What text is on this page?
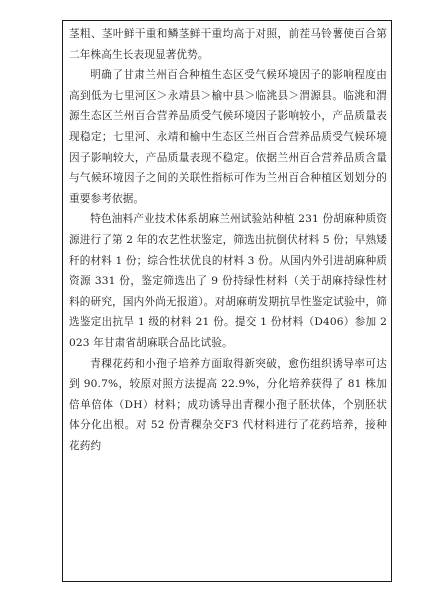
茎粗、茎叶鲜干重和鳞茎鲜干重均高于对照，前茬马铃薯使百合第二年株高生长表现显著优势。

明确了甘肃兰州百合种植生态区受气候环境因子的影响程度由高到低为七里河区＞永靖县＞榆中县＞临洮县＞渭源县。临洮和渭源生态区兰州百合营养品质受气候环境因子影响较小，产品质量表现稳定；七里河、永靖和榆中生态区兰州百合营养品质受气候环境因子影响较大，产品质量表现不稳定。依据兰州百合营养品质含量与气候环境因子之间的关联性指标可作为兰州百合种植区划划分的重要参考依据。

特色油料产业技术体系胡麻兰州试验站种植 231 份胡麻种质资源进行了第 2 年的农艺性状鉴定，筛选出抗倒伏材料 5 份；早熟矮秆的材料 1 份；综合性状优良的材料 3 份。从国内外引进胡麻种质资源 331 份，鉴定筛选出了 9 份持绿性材料（关于胡麻持绿性材料的研究，国内外尚无报道）。对胡麻萌发期抗旱性鉴定试验中，筛选鉴定出抗旱 1 级的材料 21 份。提交 1 份材料（D406）参加 2023 年甘肃省胡麻联合品比试验。

青稞花药和小孢子培养方面取得新突破，愈伤组织诱导率可达到 90.7%，较原对照方法提高 22.9%，分化培养获得了 81 株加倍单倍体（DH）材料；成功诱导出青稞小孢子胚状体，个别胚状体分化出根。对 52 份青稞杂交F3 代材料进行了花药培养，接种花药约
